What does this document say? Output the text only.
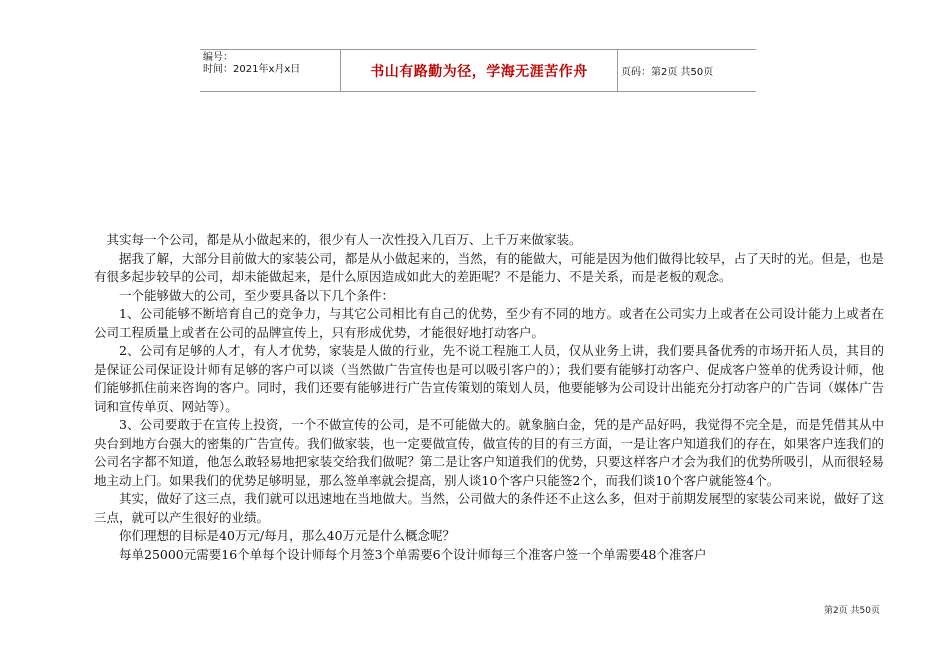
编号：
时间：2021年x月x日	书山有路勤为径，学海无涯苦作舟	页码：第2页 共50页

其实每一个公司，都是从小做起来的，很少有人一次性投入几百万、上千万来做家装。

据我了解，大部分目前做大的家装公司，都是从小做起来的，当然，有的能做大，可能是因为他们做得比较早，占了天时的光。但是，也是有很多起步较早的公司，却未能做起来，是什么原因造成如此大的差距呢？不是能力、不是关系，而是老板的观念。

一个能够做大的公司，至少要具备以下几个条件：

1、公司能够不断培育自己的竞争力，与其它公司相比有自己的优势，至少有不同的地方。或者在公司实力上或者在公司设计能力上或者在公司工程质量上或者在公司的品牌宣传上，只有形成优势，才能很好地打动客户。

2、公司有足够的人才，有人才优势，家装是人做的行业，先不说工程施工人员，仅从业务上讲，我们要具备优秀的市场开拓人员，其目的是保证公司保证设计师有足够的客户可以谈（当然做广告宣传也是可以吸引客户的）；我们要有能够打动客户、促成客户签单的优秀设计师，他们能够抓住前来咨询的客户。同时，我们还要有能够进行广告宣传策划的策划人员，他要能够为公司设计出能充分打动客户的广告词（媒体广告词和宣传单页、网站等）。

3、公司要敢于在宣传上投资，一个不做宣传的公司，是不可能做大的。就象脑白金，凭的是产品好吗，我觉得不完全是，而是凭借其从中央台到地方台强大的密集的广告宣传。我们做家装，也一定要做宣传，做宣传的目的有三方面，一是让客户知道我们的存在，如果客户连我们的公司名字都不知道，他怎么敢轻易地把家装交给我们做呢？第二是让客户知道我们的优势，只要这样客户才会为我们的优势所吸引，从而很轻易地主动上门。如果我们的优势足够明显，那么签单率就会提高，别人谈10个客户只能签2个，而我们谈10个客户就能签4个。

其实，做好了这三点，我们就可以迅速地在当地做大。当然，公司做大的条件还不止这么多，但对于前期发展型的家装公司来说，做好了这三点，就可以产生很好的业绩。

你们理想的目标是40万元/每月，那么40万元是什么概念呢？

每单25000元需要16个单每个设计师每个月签3个单需要6个设计师每三个准客户签一个单需要48个准客户

第2页 共50页
